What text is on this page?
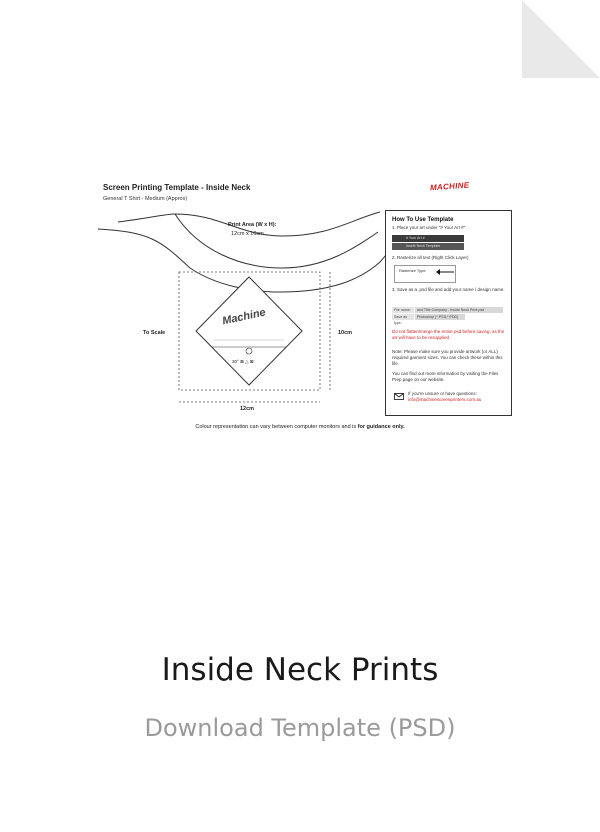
Screen Printing Template - Inside Neck
General T Shirt - Medium (Approx)
MACHINE
Print Area (W x H):
12cm x 10cm
To Scale	10cm
12cm
Machine
30° ⊠ △ ⊠
How To Use Template
1. Place your art under "# Your Art #"
# Your Art #
Inside Neck Template
2. Rasterize all text (Right Click Layer)
Rasterize Type
3. Save as a .psd file and add your name / design name.
File name:	and Title Company - Inside Neck Print.psd
Save as type:
Photoshop (*.PSD;*.PDD)
Do not flatten/merge the entire psd before saving, as the art will have to be resupplied.
Note: Please make sure you provide artwork (or ALL) required garment sizes. You can check these within this file.
You can find out more information by visiting the Files Prep page on our website.
If you're unsure or have questions:
info@machinescreenprinters.com.au
Colour representation can vary between computer monitors and is for guidance only.
Inside Neck Prints
Download Template (PSD)
